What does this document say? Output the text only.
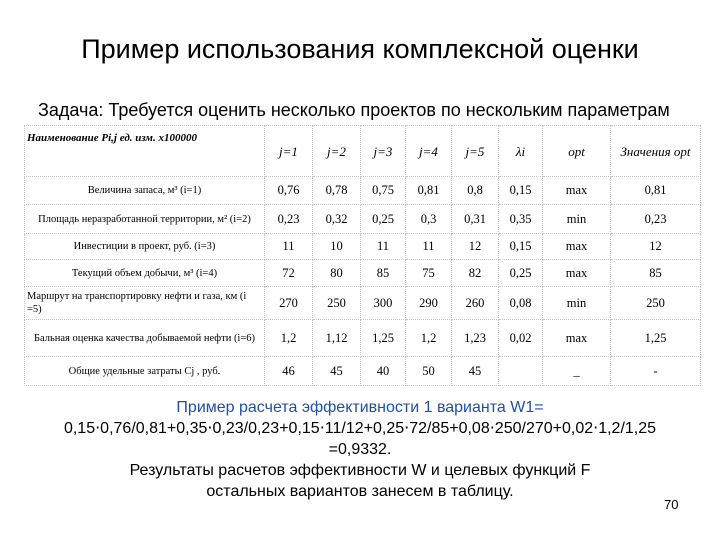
Пример использования комплексной оценки
Задача: Требуется оценить несколько проектов по нескольким параметрам
Наименование Pi,j ед. изм. х100000	j=1	j=2	j=3	j=4	j=5	λi	opt	Значения opt
Величина запаса, м³ (i=1)	0,76	0,78	0,75	0,81	0,8	0,15	max	0,81
Площадь неразработанной территории, м² (i=2)	0,23	0,32	0,25	0,3	0,31	0,35	min	0,23
Инвестиции в проект, руб. (i=3)	11	10	11	11	12	0,15	max	12
Текущий объем добычи, м³ (i=4)	72	80	85	75	82	0,25	max	85
Маршрут на транспортировку нефти и газа, км (i =5)	270	250	300	290	260	0,08	min	250
Бальная оценка качества добываемой нефти (i=6)	1,2	1,12	1,25	1,2	1,23	0,02	max	1,25
Общие удельные затраты Cj , руб.	46	45	40	50	45		_	-
Пример расчета эффективности 1 варианта W1=
0,15⋅0,76/0,81+0,35⋅0,23/0,23+0,15⋅11/12+0,25⋅72/85+0,08⋅250/270+0,02⋅1,2/1,25
=0,9332.
Результаты расчетов эффективности W и целевых функций F
остальных вариантов занесем в таблицу.
70
